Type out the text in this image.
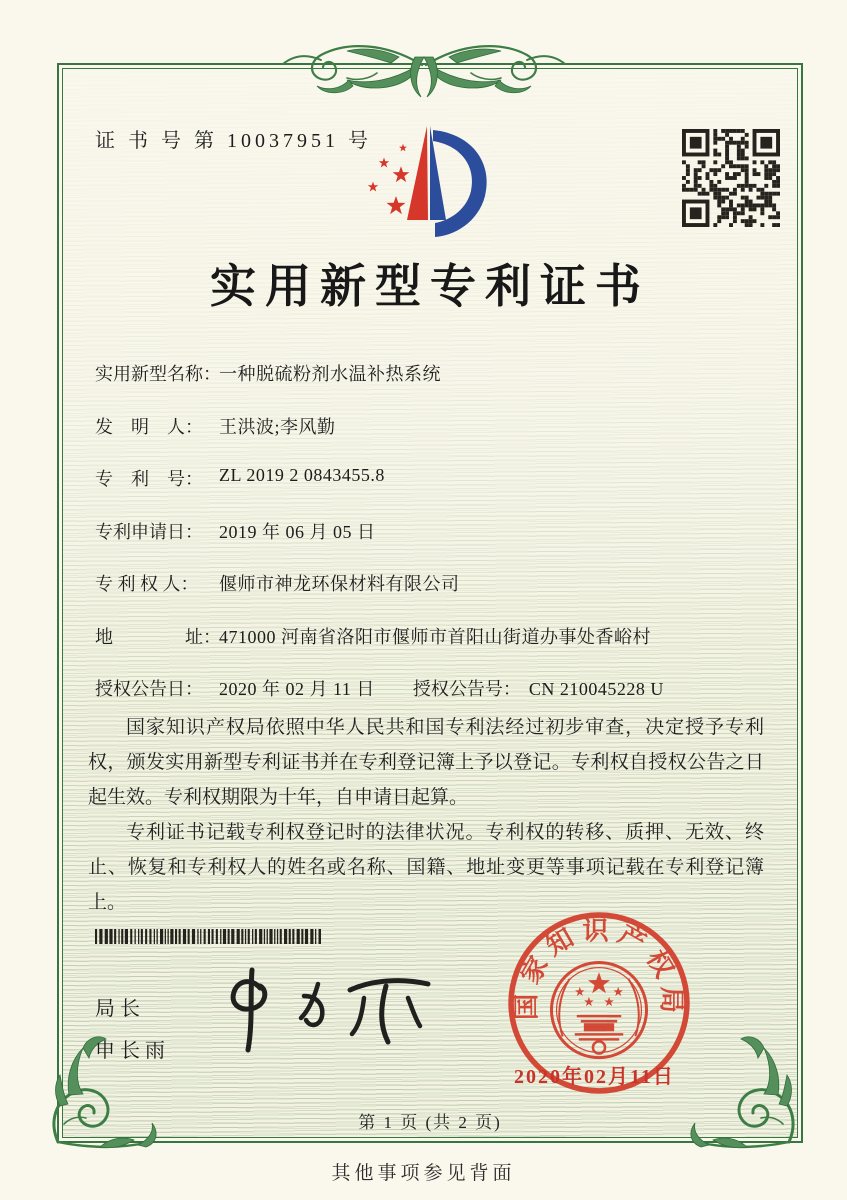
证 书 号 第 10037951 号
实用新型专利证书
实用新型名称：一种脱硫粉剂水温补热系统
发　明　人： 王洪波;李风勤
专　利　号： ZL 2019 2 0843455.8
专利申请日： 2019 年 06 月 05 日
专 利 权 人： 偃师市神龙环保材料有限公司
地　　　　址：471000 河南省洛阳市偃师市首阳山街道办事处香峪村
授权公告日： 2020 年 02 月 11 日 授权公告号： CN 210045228 U

国家知识产权局依照中华人民共和国专利法经过初步审查，决定授予专利权，颁发实用新型专利证书并在专利登记簿上予以登记。专利权自授权公告之日起生效。专利权期限为十年，自申请日起算。

专利证书记载专利权登记时的法律状况。专利权的转移、质押、无效、终止、恢复和专利权人的姓名或名称、国籍、地址变更等事项记载在专利登记簿上。

局长
申长雨
国家知识产权局
2020年02月11日
第 1 页 (共 2 页)
其他事项参见背面
